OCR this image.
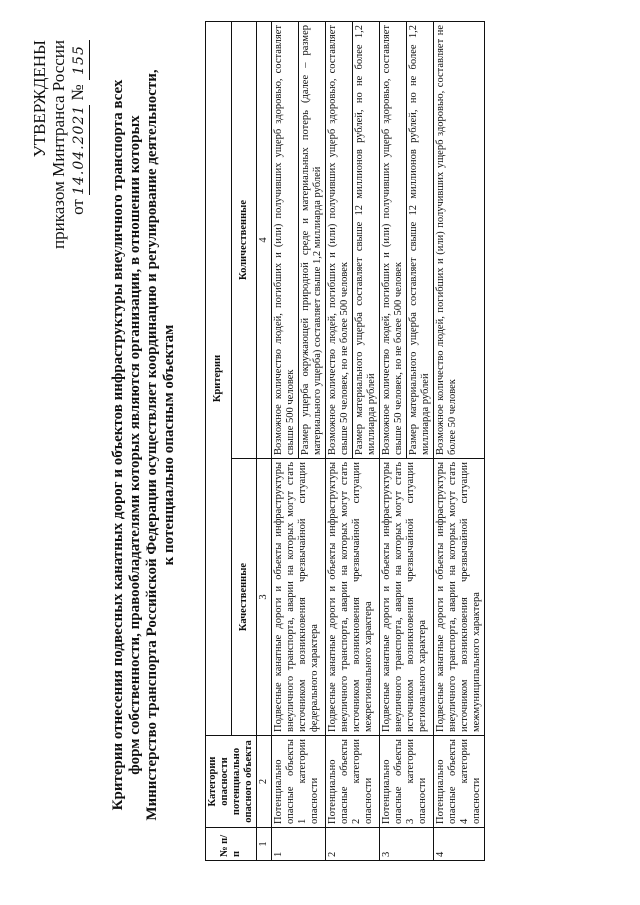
УТВЕРЖДЕНЫ приказом Минтранса России от 14.04.2021 № 155
Критерии отнесения подвесных канатных дорог и объектов инфраструктуры внеуличного транспорта всех форм собственности, правообладателями которых являются организации, в отношении которых Министерство транспорта Российской Федерации осуществляет координацию и регулирование деятельности, к потенциально опасным объектам
№ п/п	Категории опасности потенциально опасного объекта	Критерии	
		Качественные	Количественные
1	2	3	4
1	Потенциально опасные объекты 1 категории опасности	Подвесные канатные дороги и объекты инфраструктуры внеуличного транспорта, аварии на которых могут стать источником возникновения чрезвычайной ситуации федерального характера	Возможное количество людей, погибших и (или) получивших ущерб здоровью, составляет свыше 500 человек
			Размер ущерба окружающей природной среде и материальных потерь (далее – размер материального ущерба) составляет свыше 1,2 миллиарда рублей
2	Потенциально опасные объекты 2 категории опасности	Подвесные канатные дороги и объекты инфраструктуры внеуличного транспорта, аварии на которых могут стать источником возникновения чрезвычайной ситуации межрегионального характера	Возможное количество людей, погибших и (или) получивших ущерб здоровью, составляет свыше 50 человек, но не более 500 человек
			Размер материального ущерба составляет свыше 12 миллионов рублей, но не более 1,2 миллиарда рублей
3	Потенциально опасные объекты 3 категории опасности	Подвесные канатные дороги и объекты инфраструктуры внеуличного транспорта, аварии на которых могут стать источником возникновения чрезвычайной ситуации регионального характера	Возможное количество людей, погибших и (или) получивших ущерб здоровью, составляет свыше 50 человек, но не более 500 человек
			Размер материального ущерба составляет свыше 12 миллионов рублей, но не более 1,2 миллиарда рублей
4	Потенциально опасные объекты 4 категории опасности	Подвесные канатные дороги и объекты инфраструктуры внеуличного транспорта, аварии на которых могут стать источником возникновения чрезвычайной ситуации межмуниципального характера	Возможное количество людей, погибших и (или) получивших ущерб здоровью, составляет не более 50 человек
